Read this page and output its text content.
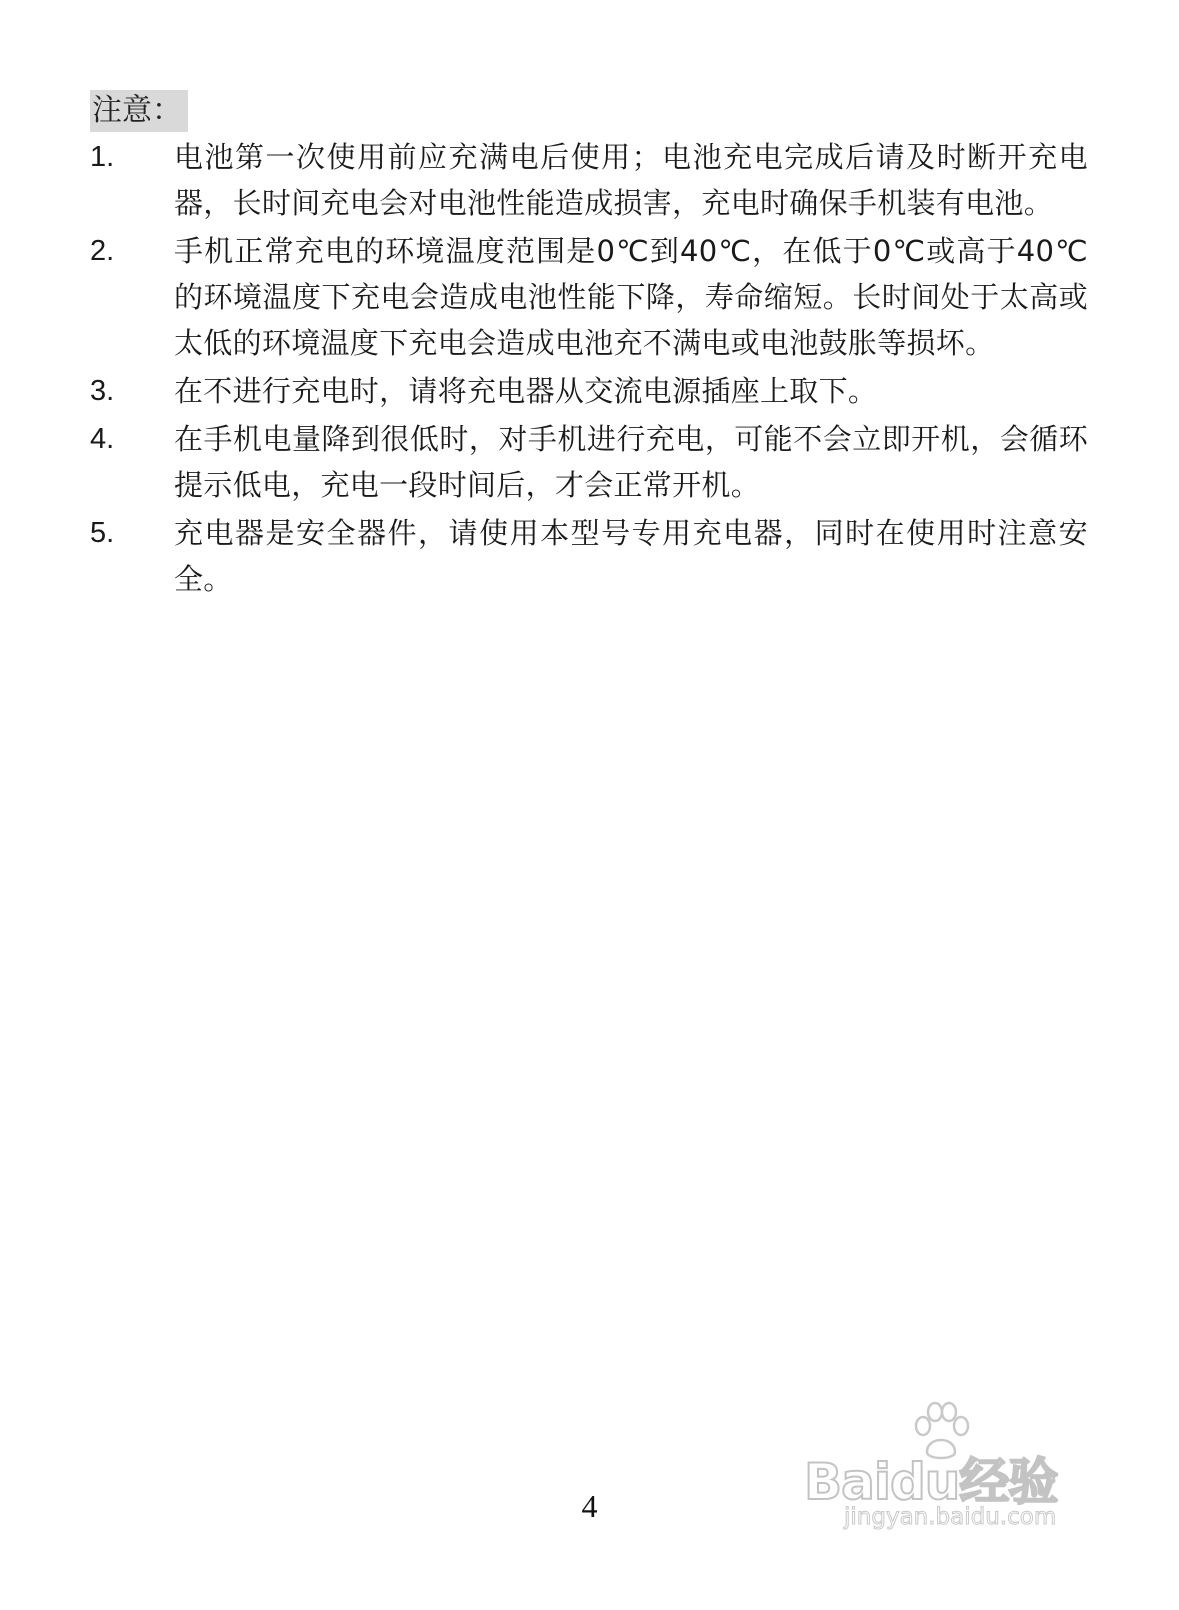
注意：
1.	电池第一次使用前应充满电后使用；电池充电完成后请及时断开充电器，长时间充电会对电池性能造成损害，充电时确保手机装有电池。
2.	手机正常充电的环境温度范围是0℃到40℃，在低于0℃或高于40℃的环境温度下充电会造成电池性能下降，寿命缩短。长时间处于太高或太低的环境温度下充电会造成电池充不满电或电池鼓胀等损坏。
3.	在不进行充电时，请将充电器从交流电源插座上取下。
4.	在手机电量降到很低时，对手机进行充电，可能不会立即开机，会循环提示低电，充电一段时间后，才会正常开机。
5.	充电器是安全器件，请使用本型号专用充电器，同时在使用时注意安全。
Baidu经验
jingyan.baidu.com
4
